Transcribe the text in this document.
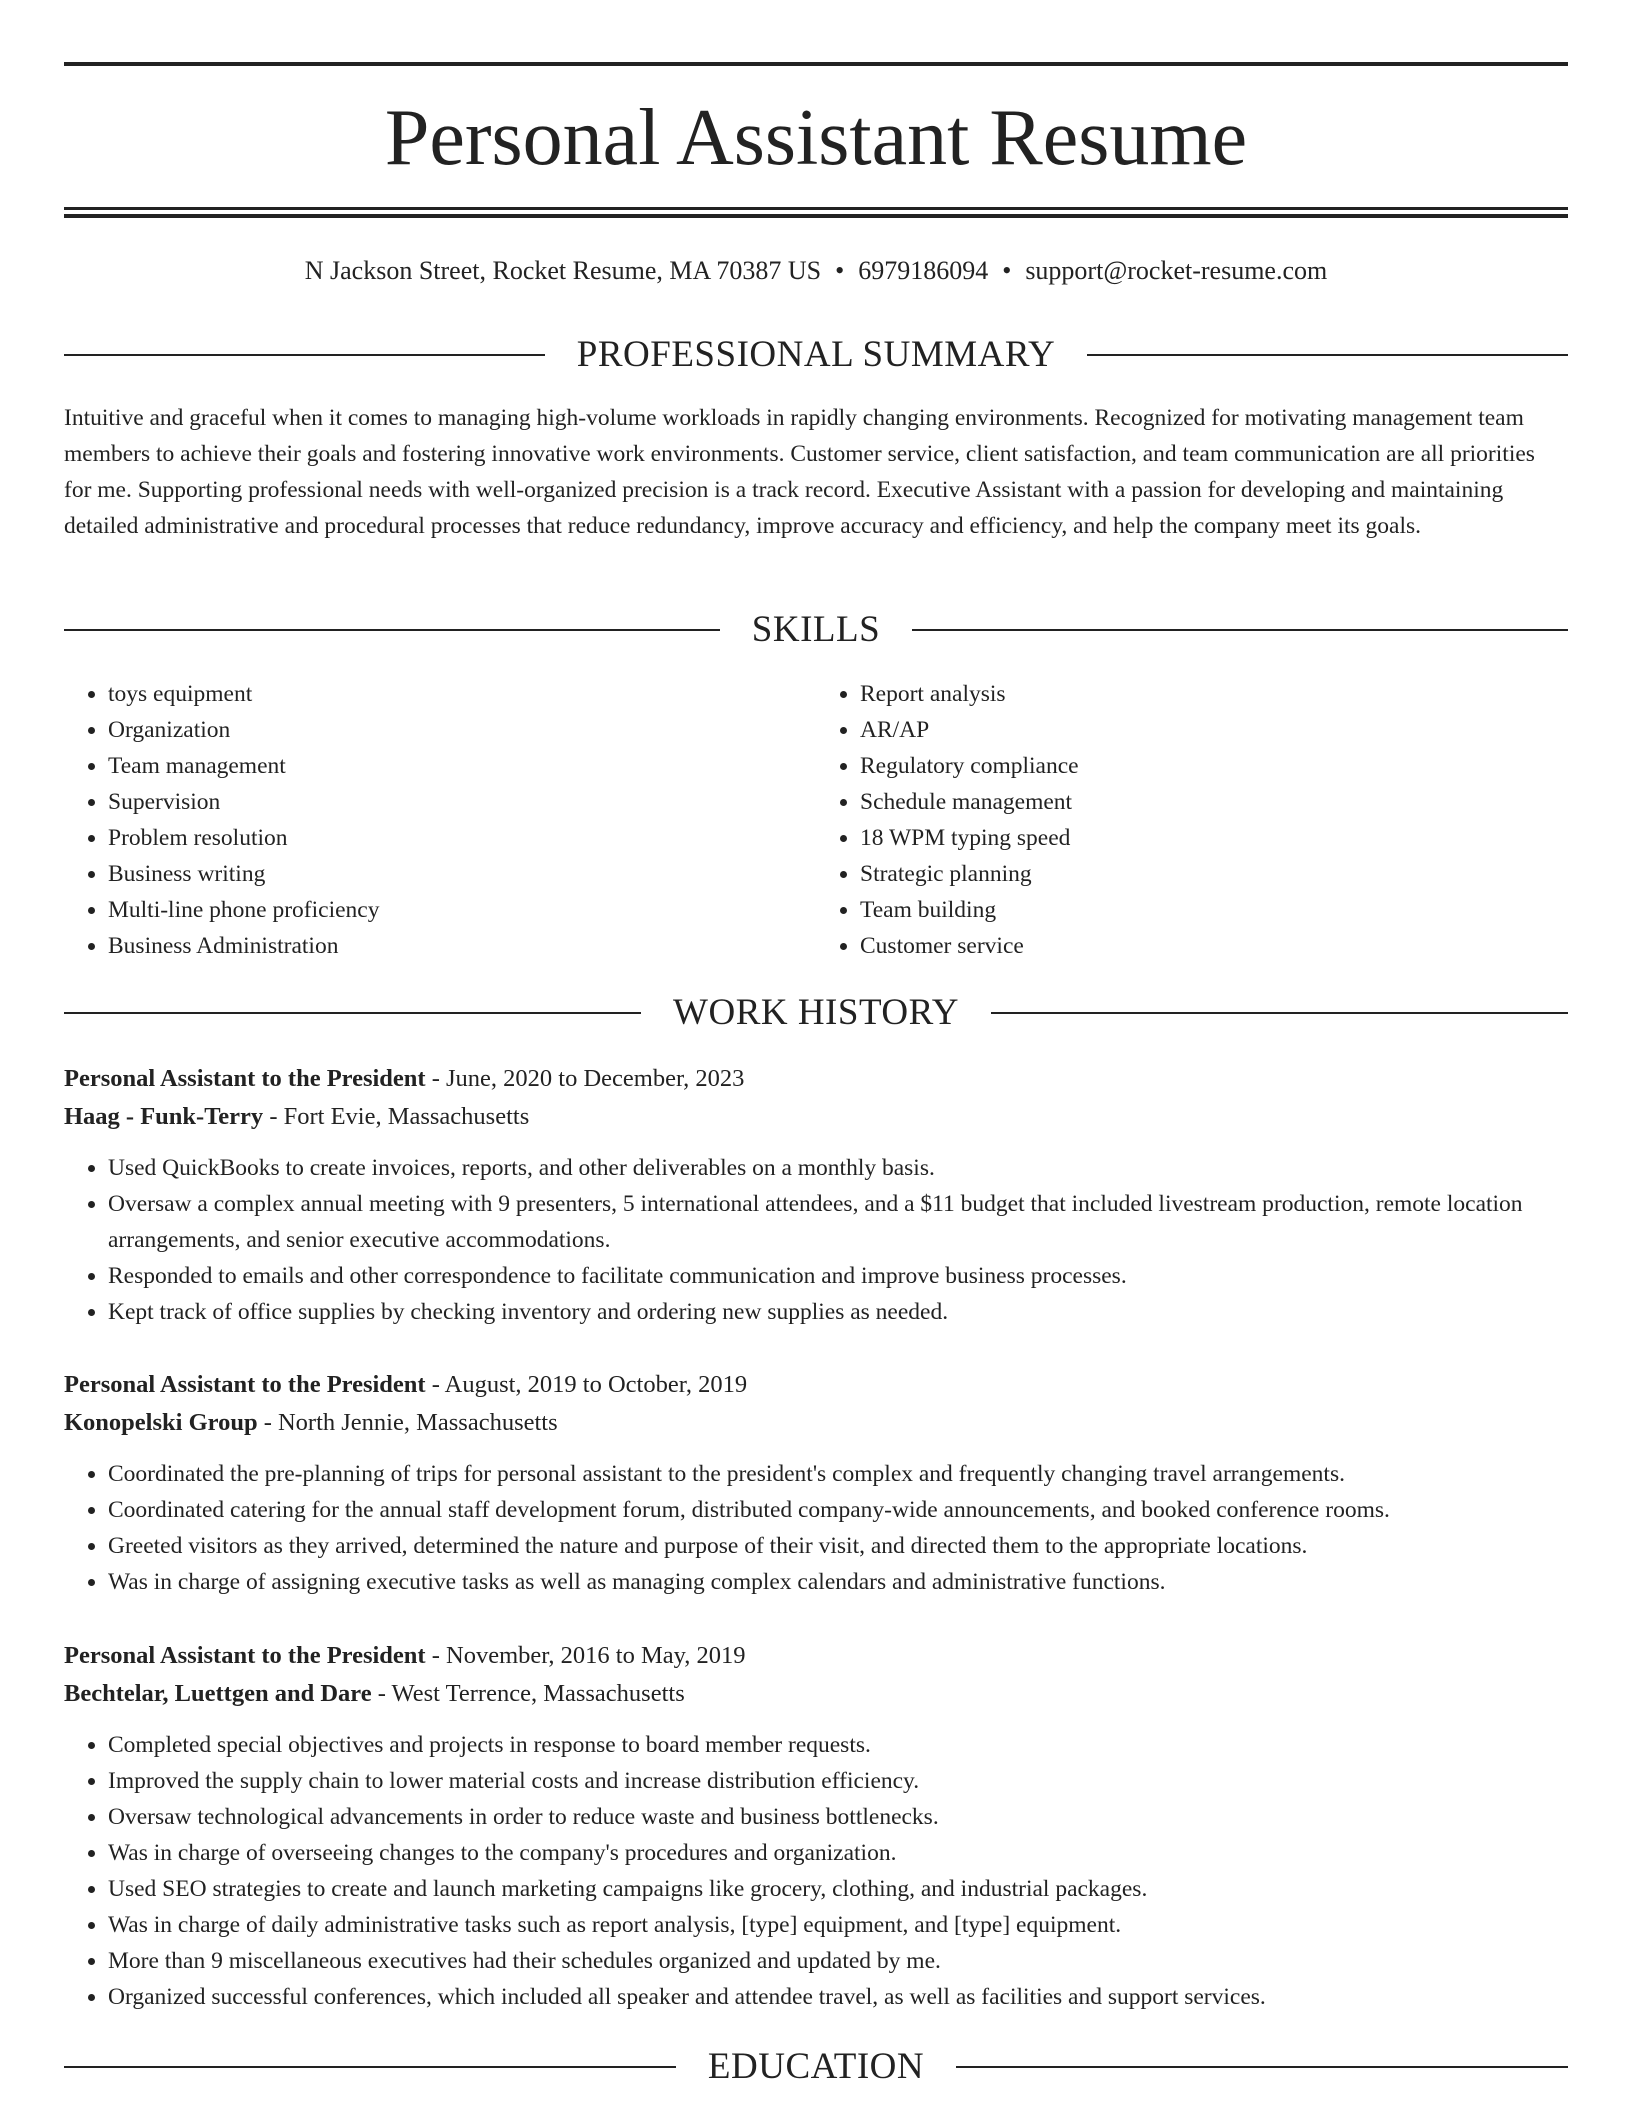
Personal Assistant Resume
N Jackson Street, Rocket Resume, MA 70387 US • 6979186094 • support@rocket-resume.com
PROFESSIONAL SUMMARY
Intuitive and graceful when it comes to managing high-volume workloads in rapidly changing environments. Recognized for motivating management team members to achieve their goals and fostering innovative work environments. Customer service, client satisfaction, and team communication are all priorities for me. Supporting professional needs with well-organized precision is a track record. Executive Assistant with a passion for developing and maintaining detailed administrative and procedural processes that reduce redundancy, improve accuracy and efficiency, and help the company meet its goals.
SKILLS
• toys equipment
• Organization
• Team management
• Supervision
• Problem resolution
• Business writing
• Multi-line phone proficiency
• Business Administration
• Report analysis
• AR/AP
• Regulatory compliance
• Schedule management
• 18 WPM typing speed
• Strategic planning
• Team building
• Customer service
WORK HISTORY
Personal Assistant to the President - June, 2020 to December, 2023
Haag - Funk-Terry - Fort Evie, Massachusetts
• Used QuickBooks to create invoices, reports, and other deliverables on a monthly basis.
• Oversaw a complex annual meeting with 9 presenters, 5 international attendees, and a $11 budget that included livestream production, remote location arrangements, and senior executive accommodations.
• Responded to emails and other correspondence to facilitate communication and improve business processes.
• Kept track of office supplies by checking inventory and ordering new supplies as needed.
Personal Assistant to the President - August, 2019 to October, 2019
Konopelski Group - North Jennie, Massachusetts
• Coordinated the pre-planning of trips for personal assistant to the president's complex and frequently changing travel arrangements.
• Coordinated catering for the annual staff development forum, distributed company-wide announcements, and booked conference rooms.
• Greeted visitors as they arrived, determined the nature and purpose of their visit, and directed them to the appropriate locations.
• Was in charge of assigning executive tasks as well as managing complex calendars and administrative functions.
Personal Assistant to the President - November, 2016 to May, 2019
Bechtelar, Luettgen and Dare - West Terrence, Massachusetts
• Completed special objectives and projects in response to board member requests.
• Improved the supply chain to lower material costs and increase distribution efficiency.
• Oversaw technological advancements in order to reduce waste and business bottlenecks.
• Was in charge of overseeing changes to the company's procedures and organization.
• Used SEO strategies to create and launch marketing campaigns like grocery, clothing, and industrial packages.
• Was in charge of daily administrative tasks such as report analysis, [type] equipment, and [type] equipment.
• More than 9 miscellaneous executives had their schedules organized and updated by me.
• Organized successful conferences, which included all speaker and attendee travel, as well as facilities and support services.
EDUCATION
